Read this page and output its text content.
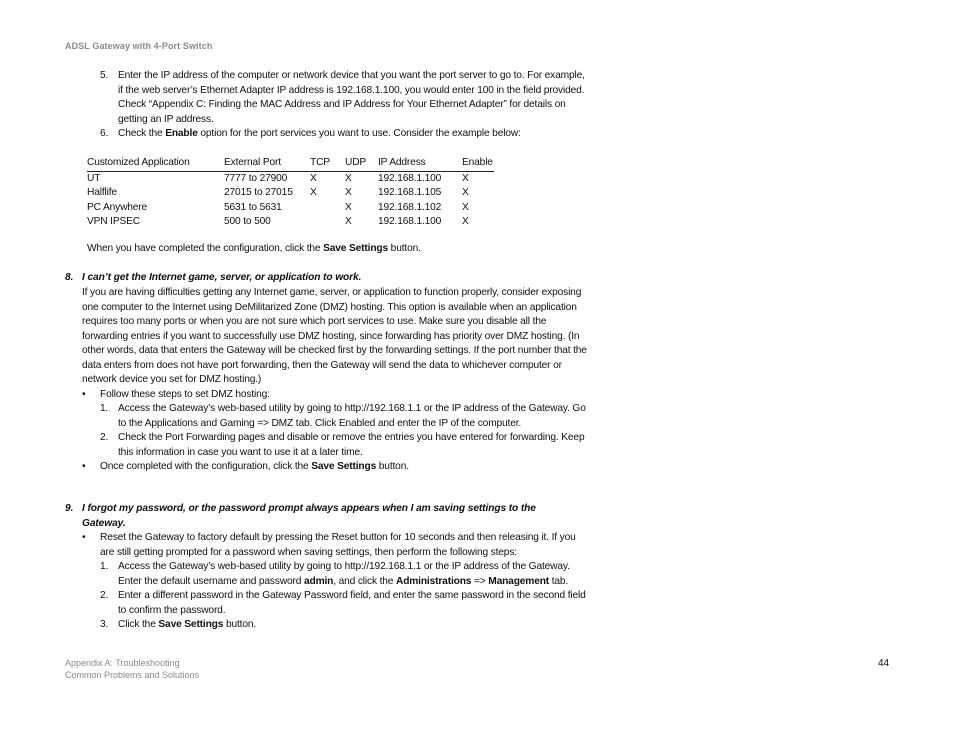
ADSL Gateway with 4-Port Switch
5. Enter the IP address of the computer or network device that you want the port server to go to. For example, if the web server’s Ethernet Adapter IP address is 192.168.1.100, you would enter 100 in the field provided. Check “Appendix C: Finding the MAC Address and IP Address for Your Ethernet Adapter” for details on getting an IP address.
6. Check the Enable option for the port services you want to use. Consider the example below:
Customized Application	External Port	TCP	UDP	IP Address	Enable
UT	7777 to 27900	X	X	192.168.1.100	X
Halflife	27015 to 27015	X	X	192.168.1.105	X
PC Anywhere	5631 to 5631		X	192.168.1.102	X
VPN IPSEC	500 to 500		X	192.168.1.100	X
When you have completed the configuration, click the Save Settings button.
8. I can’t get the Internet game, server, or application to work.
If you are having difficulties getting any Internet game, server, or application to function properly, consider exposing one computer to the Internet using DeMilitarized Zone (DMZ) hosting. This option is available when an application requires too many ports or when you are not sure which port services to use. Make sure you disable all the forwarding entries if you want to successfully use DMZ hosting, since forwarding has priority over DMZ hosting. (In other words, data that enters the Gateway will be checked first by the forwarding settings. If the port number that the data enters from does not have port forwarding, then the Gateway will send the data to whichever computer or network device you set for DMZ hosting.)
•	Follow these steps to set DMZ hosting:
1. Access the Gateway’s web-based utility by going to http://192.168.1.1 or the IP address of the Gateway. Go to the Applications and Gaming => DMZ tab. Click Enabled and enter the IP of the computer.
2. Check the Port Forwarding pages and disable or remove the entries you have entered for forwarding. Keep this information in case you want to use it at a later time.
•	Once completed with the configuration, click the Save Settings button.
9. I forgot my password, or the password prompt always appears when I am saving settings to the
Gateway.
•	Reset the Gateway to factory default by pressing the Reset button for 10 seconds and then releasing it. If you are still getting prompted for a password when saving settings, then perform the following steps:
1. Access the Gateway’s web-based utility by going to http://192.168.1.1 or the IP address of the Gateway. Enter the default username and password admin, and click the Administrations => Management tab.
2. Enter a different password in the Gateway Password field, and enter the same password in the second field to confirm the password.
3. Click the Save Settings button.
Appendix A: Troubleshooting
Common Problems and Solutions
44
